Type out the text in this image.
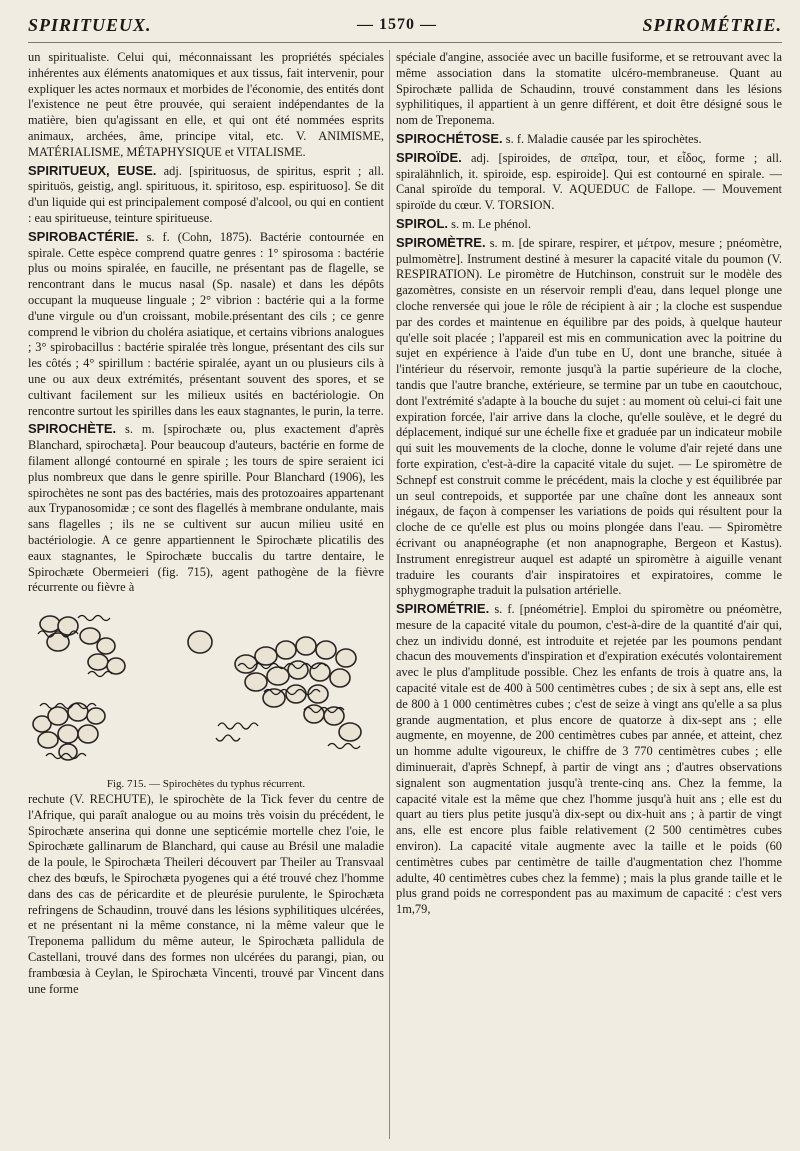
SPIRITUEUX.	— 1570 —	SPIROMÉTRIE.

un spiritualiste. Celui qui, méconnaissant les propriétés spéciales inhérentes aux éléments anatomiques et aux tissus, fait intervenir, pour expliquer les actes normaux et morbides de l'économie, des entités dont l'existence ne peut être prouvée, qui seraient indépendantes de la matière, bien qu'agissant en elle, et qui ont été nommées esprits animaux, archées, âme, principe vital, etc. V. ANIMISME, MATÉRIALISME, MÉTAPHYSIQUE et VITALISME.

SPIRITUEUX, EUSE. adj. [spirituosus, de spiritus, esprit ; all. spirituös, geistig, angl. spirituous, it. spiritoso, esp. espirituoso]. Se dit d'un liquide qui est principalement composé d'alcool, ou qui en contient : eau spiritueuse, teinture spiritueuse.

SPIROBACTÉRIE. s. f. (Cohn, 1875). Bactérie contournée en spirale. Cette espèce comprend quatre genres : 1° spirosoma : bactérie plus ou moins spiralée, en faucille, ne présentant pas de flagelle, se rencontrant dans le mucus nasal (Sp. nasale) et dans les dépôts occupant la muqueuse linguale ; 2° vibrion : bactérie qui a la forme d'une virgule ou d'un croissant, mobile.présentant des cils ; ce genre comprend le vibrion du choléra asiatique, et certains vibrions analogues ; 3° spirobacillus : bactérie spiralée très longue, présentant des cils sur les côtés ; 4° spirillum : bactérie spiralée, ayant un ou plusieurs cils à une ou aux deux extrémités, présentant souvent des spores, et se cultivant facilement sur les milieux usités en bactériologie. On rencontre surtout les spirilles dans les eaux stagnantes, le purin, la terre.

SPIROCHÈTE. s. m. [spirochæte ou, plus exactement d'après Blanchard, spirochæta]. Pour beaucoup d'auteurs, bactérie en forme de filament allongé contourné en spirale ; les tours de spire seraient ici plus nombreux que dans le genre spirille. Pour Blanchard (1906), les spirochètes ne sont pas des bactéries, mais des protozoaires appartenant aux Trypanosomidæ ; ce sont des flagellés à membrane ondulante, mais sans flagelles ; ils ne se cultivent sur aucun milieu usité en bactériologie. A ce genre appartiennent le Spirochæte plicatilis des eaux stagnantes, le Spirochæte buccalis du tartre dentaire, le Spirochæte Obermeieri (fig. 715), agent pathogène de la fièvre récurrente ou fièvre à

Fig. 715. — Spirochètes du typhus récurrent.

rechute (V. RECHUTE), le spirochète de la Tick fever du centre de l'Afrique, qui paraît analogue ou au moins très voisin du précédent, le Spirochæte anserina qui donne une septicémie mortelle chez l'oie, le Spirochæte gallinarum de Blanchard, qui cause au Brésil une maladie de la poule, le Spirochæta Theileri découvert par Theiler au Transvaal chez des bœufs, le Spirochæta pyogenes qui a été trouvé chez l'homme dans des cas de péricardite et de pleurésie purulente, le Spirochæta refringens de Schaudinn, trouvé dans les lésions syphilitiques ulcérées, et ne présentant ni la même constance, ni la même valeur que le Treponema pallidum du même auteur, le Spirochæta pallidula de Castellani, trouvé dans des formes non ulcérées du parangi, pian, ou frambœsia à Ceylan, le Spirochæta Vincenti, trouvé par Vincent dans une forme

spéciale d'angine, associée avec un bacille fusiforme, et se retrouvant avec la même association dans la stomatite ulcéro-membraneuse. Quant au Spirochæte pallida de Schaudinn, trouvé constamment dans les lésions syphilitiques, il appartient à un genre différent, et doit être désigné sous le nom de Treponema.

SPIROCHÉTOSE. s. f. Maladie causée par les spirochètes.

SPIROÏDE. adj. [spiroides, de σπεῖρα, tour, et εἶδος, forme ; all. spiralähnlich, it. spiroide, esp. espiroide]. Qui est contourné en spirale. — Canal spiroïde du temporal. V. AQUEDUC de Fallope. — Mouvement spiroïde du cœur. V. TORSION.

SPIROL. s. m. Le phénol.

SPIROMÈTRE. s. m. [de spirare, respirer, et μέτρον, mesure ; pnéomètre, pulmomètre]. Instrument destiné à mesurer la capacité vitale du poumon (V. RESPIRATION). Le piromètre de Hutchinson, construit sur le modèle des gazomètres, consiste en un réservoir rempli d'eau, dans lequel plonge une cloche renversée qui joue le rôle de récipient à air ; la cloche est suspendue par des cordes et maintenue en équilibre par des poids, à quelque hauteur qu'elle soit placée ; l'appareil est mis en communication avec la poitrine du sujet en expérience à l'aide d'un tube en U, dont une branche, située à l'intérieur du réservoir, remonte jusqu'à la partie supérieure de la cloche, tandis que l'autre branche, extérieure, se termine par un tube en caoutchouc, dont l'extrémité s'adapte à la bouche du sujet : au moment où celui-ci fait une expiration forcée, l'air arrive dans la cloche, qu'elle soulève, et le degré du déplacement, indiqué sur une échelle fixe et graduée par un indicateur mobile qui suit les mouvements de la cloche, donne le volume d'air rejeté dans une forte expiration, c'est-à-dire la capacité vitale du sujet. — Le spiromètre de Schnepf est construit comme le précédent, mais la cloche y est équilibrée par un seul contrepoids, et supportée par une chaîne dont les anneaux sont inégaux, de façon à compenser les variations de poids qui résultent pour la cloche de ce qu'elle est plus ou moins plongée dans l'eau. — Spiromètre écrivant ou anapnéographe (et non anapnographe, Bergeon et Kastus). Instrument enregistreur auquel est adapté un spiromètre à aiguille venant traduire les courants d'air inspiratoires et expiratoires, comme le sphygmographe traduit la pulsation artérielle.

SPIROMÉTRIE. s. f. [pnéométrie]. Emploi du spiromètre ou pnéomètre, mesure de la capacité vitale du poumon, c'est-à-dire de la quantité d'air qui, chez un individu donné, est introduite et rejetée par les poumons pendant chacun des mouvements d'inspiration et d'expiration exécutés volontairement avec le plus d'amplitude possible. Chez les enfants de trois à quatre ans, la capacité vitale est de 400 à 500 centimètres cubes ; de six à sept ans, elle est de 800 à 1 000 centimètres cubes ; c'est de seize à vingt ans qu'elle a sa plus grande augmentation, et plus encore de quatorze à dix-sept ans ; elle augmente, en moyenne, de 200 centimètres cubes par année, et atteint, chez un homme adulte vigoureux, le chiffre de 3 770 centimètres cubes ; elle diminuerait, d'après Schnepf, à partir de vingt ans ; d'autres observations signalent son augmentation jusqu'à trente-cinq ans. Chez la femme, la capacité vitale est la même que chez l'homme jusqu'à huit ans ; elle est du quart au tiers plus petite jusqu'à dix-sept ou dix-huit ans ; à partir de vingt ans, elle est encore plus faible relativement (2 500 centimètres cubes environ). La capacité vitale augmente avec la taille et le poids (60 centimètres cubes par centimètre de taille d'augmentation chez l'homme adulte, 40 centimètres cubes chez la femme) ; mais la plus grande taille et le plus grand poids ne correspondent pas au maximum de capacité : c'est vers 1m,79,
